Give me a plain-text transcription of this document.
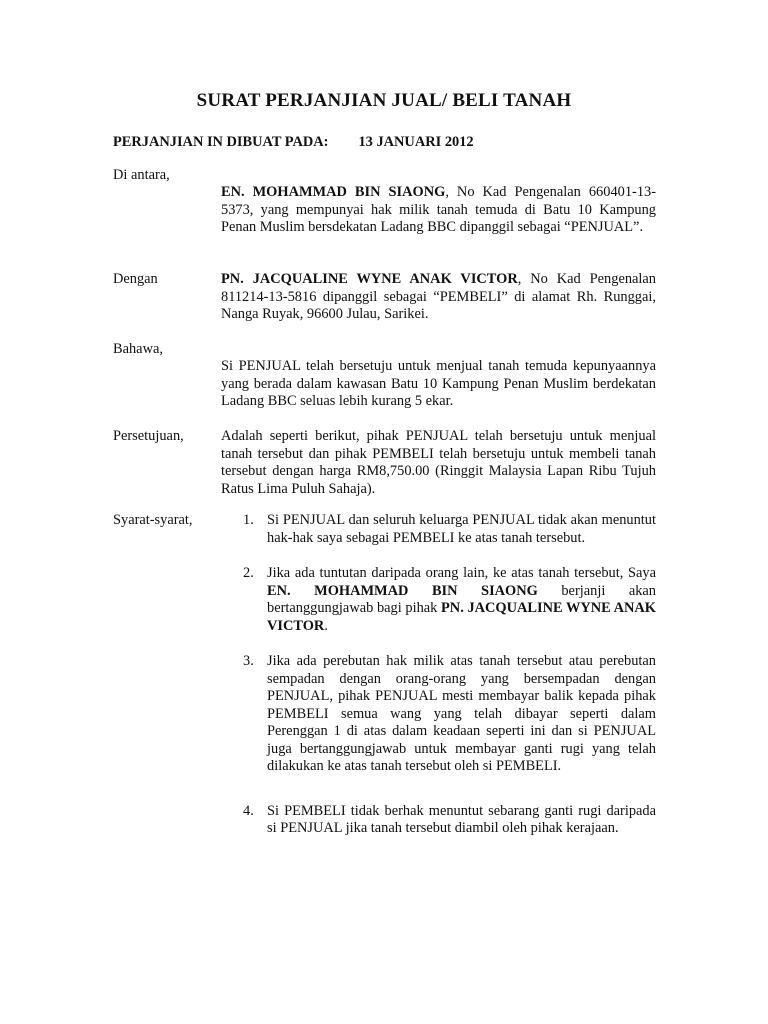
SURAT PERJANJIAN JUAL/ BELI TANAH
PERJANJIAN IN DIBUAT PADA: 13 JANUARI 2012
Di antara,
EN. MOHAMMAD BIN SIAONG, No Kad Pengenalan 660401-13-5373, yang mempunyai hak milik tanah temuda di Batu 10 Kampung Penan Muslim bersdekatan Ladang BBC dipanggil sebagai “PENJUAL”.
Dengan	PN. JACQUALINE WYNE ANAK VICTOR, No Kad Pengenalan 811214-13-5816 dipanggil sebagai “PEMBELI” di alamat Rh. Runggai, Nanga Ruyak, 96600 Julau, Sarikei.
Bahawa,
Si PENJUAL telah bersetuju untuk menjual tanah temuda kepunyaannya yang berada dalam kawasan Batu 10 Kampung Penan Muslim berdekatan Ladang BBC seluas lebih kurang 5 ekar.
Persetujuan,	Adalah seperti berikut, pihak PENJUAL telah bersetuju untuk menjual tanah tersebut dan pihak PEMBELI telah bersetuju untuk membeli tanah tersebut dengan harga RM8,750.00 (Ringgit Malaysia Lapan Ribu Tujuh Ratus Lima Puluh Sahaja).
Syarat-syarat,	1. Si PENJUAL dan seluruh keluarga PENJUAL tidak akan menuntut hak-hak saya sebagai PEMBELI ke atas tanah tersebut.
2. Jika ada tuntutan daripada orang lain, ke atas tanah tersebut, Saya EN. MOHAMMAD BIN SIAONG berjanji akan bertanggungjawab bagi pihak PN. JACQUALINE WYNE ANAK VICTOR.
3. Jika ada perebutan hak milik atas tanah tersebut atau perebutan sempadan dengan orang-orang yang bersempadan dengan PENJUAL, pihak PENJUAL mesti membayar balik kepada pihak PEMBELI semua wang yang telah dibayar seperti dalam Perenggan 1 di atas dalam keadaan seperti ini dan si PENJUAL juga bertanggungjawab untuk membayar ganti rugi yang telah dilakukan ke atas tanah tersebut oleh si PEMBELI.
4. Si PEMBELI tidak berhak menuntut sebarang ganti rugi daripada si PENJUAL jika tanah tersebut diambil oleh pihak kerajaan.
